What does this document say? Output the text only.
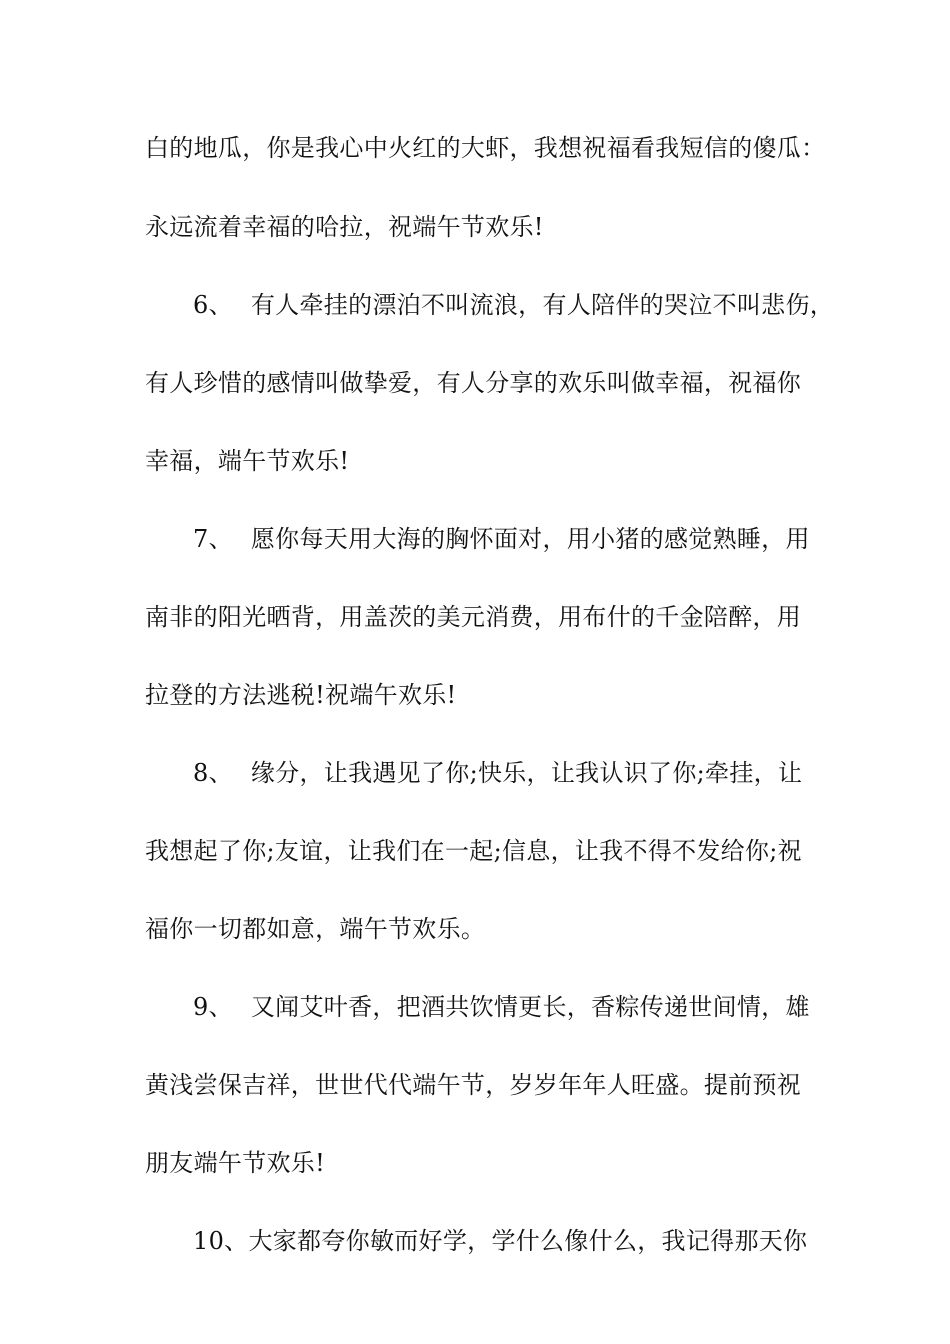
白的地瓜，你是我心中火红的大虾，我想祝福看我短信的傻瓜：
永远流着幸福的哈拉，祝端午节欢乐!
6、 有人牵挂的漂泊不叫流浪，有人陪伴的哭泣不叫悲伤，
有人珍惜的感情叫做挚爱，有人分享的欢乐叫做幸福，祝福你
幸福，端午节欢乐!
7、 愿你每天用大海的胸怀面对，用小猪的感觉熟睡，用
南非的阳光晒背，用盖茨的美元消费，用布什的千金陪醉，用
拉登的方法逃税!祝端午欢乐!
8、 缘分，让我遇见了你;快乐，让我认识了你;牵挂，让
我想起了你;友谊，让我们在一起;信息，让我不得不发给你;祝
福你一切都如意，端午节欢乐。
9、 又闻艾叶香，把酒共饮情更长，香粽传递世间情，雄
黄浅尝保吉祥，世世代代端午节，岁岁年年人旺盛。提前预祝
朋友端午节欢乐!
10、大家都夸你敏而好学，学什么像什么，我记得那天你
